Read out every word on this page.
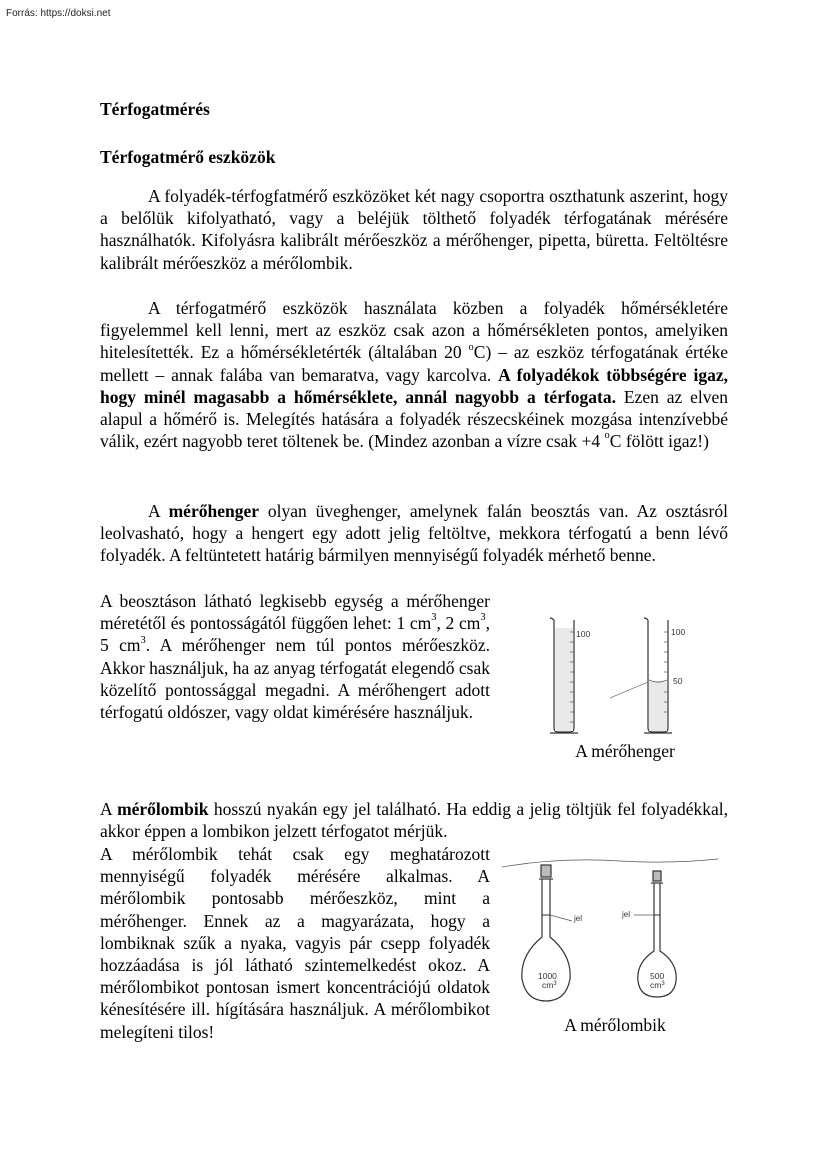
Forrás: https://doksi.net

Térfogatmérés

Térfogatmérő eszközök

A folyadék-térfogfatmérő eszközöket két nagy csoportra oszthatunk aszerint, hogy a belőlük kifolyatható, vagy a beléjük tölthető folyadék térfogatának mérésére használhatók. Kifolyásra kalibrált mérőeszköz a mérőhenger, pipetta, büretta. Feltöltésre kalibrált mérőeszköz a mérőlombik.

A térfogatmérő eszközök használata közben a folyadék hőmérsékletére figyelemmel kell lenni, mert az eszköz csak azon a hőmérsékleten pontos, amelyiken hitelesítették. Ez a hőmérsékletérték (általában 20 $^o$C) – az eszköz térfogatának értéke mellett – annak falába van bemaratva, vagy karcolva. A folyadékok többségére igaz, hogy minél magasabb a hőmérséklete, annál nagyobb a térfogata. Ezen az elven alapul a hőmérő is. Melegítés hatására a folyadék részecskéinek mozgása intenzívebbé válik, ezért nagyobb teret töltenek be. (Mindez azonban a vízre csak +4 $^o$C fölött igaz!)

A mérőhenger olyan üveghenger, amelynek falán beosztás van. Az osztásról leolvasható, hogy a hengert egy adott jelig feltöltve, mekkora térfogatú a benn lévő folyadék. A feltüntetett határig bármilyen mennyiségű folyadék mérhető benne.

A beosztáson látható legkisebb egység a mérőhenger méretétől és pontosságától függően lehet: 1 $cm^3$, 2 $cm^3$, 5 $cm^3$. A mérőhenger nem túl pontos mérőeszköz. Akkor használjuk, ha az anyag térfogatát elegendő csak közelítő pontossággal megadni. A mérőhengert adott térfogatú oldószer, vagy oldat kimérésére használjuk.

A mérőlombik hosszú nyakán egy jel található. Ha eddig a jelig töltjük fel folyadékkal, akkor éppen a lombikon jelzett térfogatot mérjük.

A mérőlombik tehát csak egy meghatározott mennyiségű folyadék mérésére alkalmas. A mérőlombik pontosabb mérőeszköz, mint a mérőhenger. Ennek az a magyarázata, hogy a lombiknak szűk a nyaka, vagyis pár csepp folyadék hozzáadása is jól látható szintemelkedést okoz. A mérőlombikot pontosan ismert koncentrációjú oldatok kénesítésére ill. hígítására használjuk. A mérőlombikot melegíteni tilos!

100	100
50
A mérőhenger
jel
1000
$cm^3$
jel
500
$cm^3$
A mérőlombik
